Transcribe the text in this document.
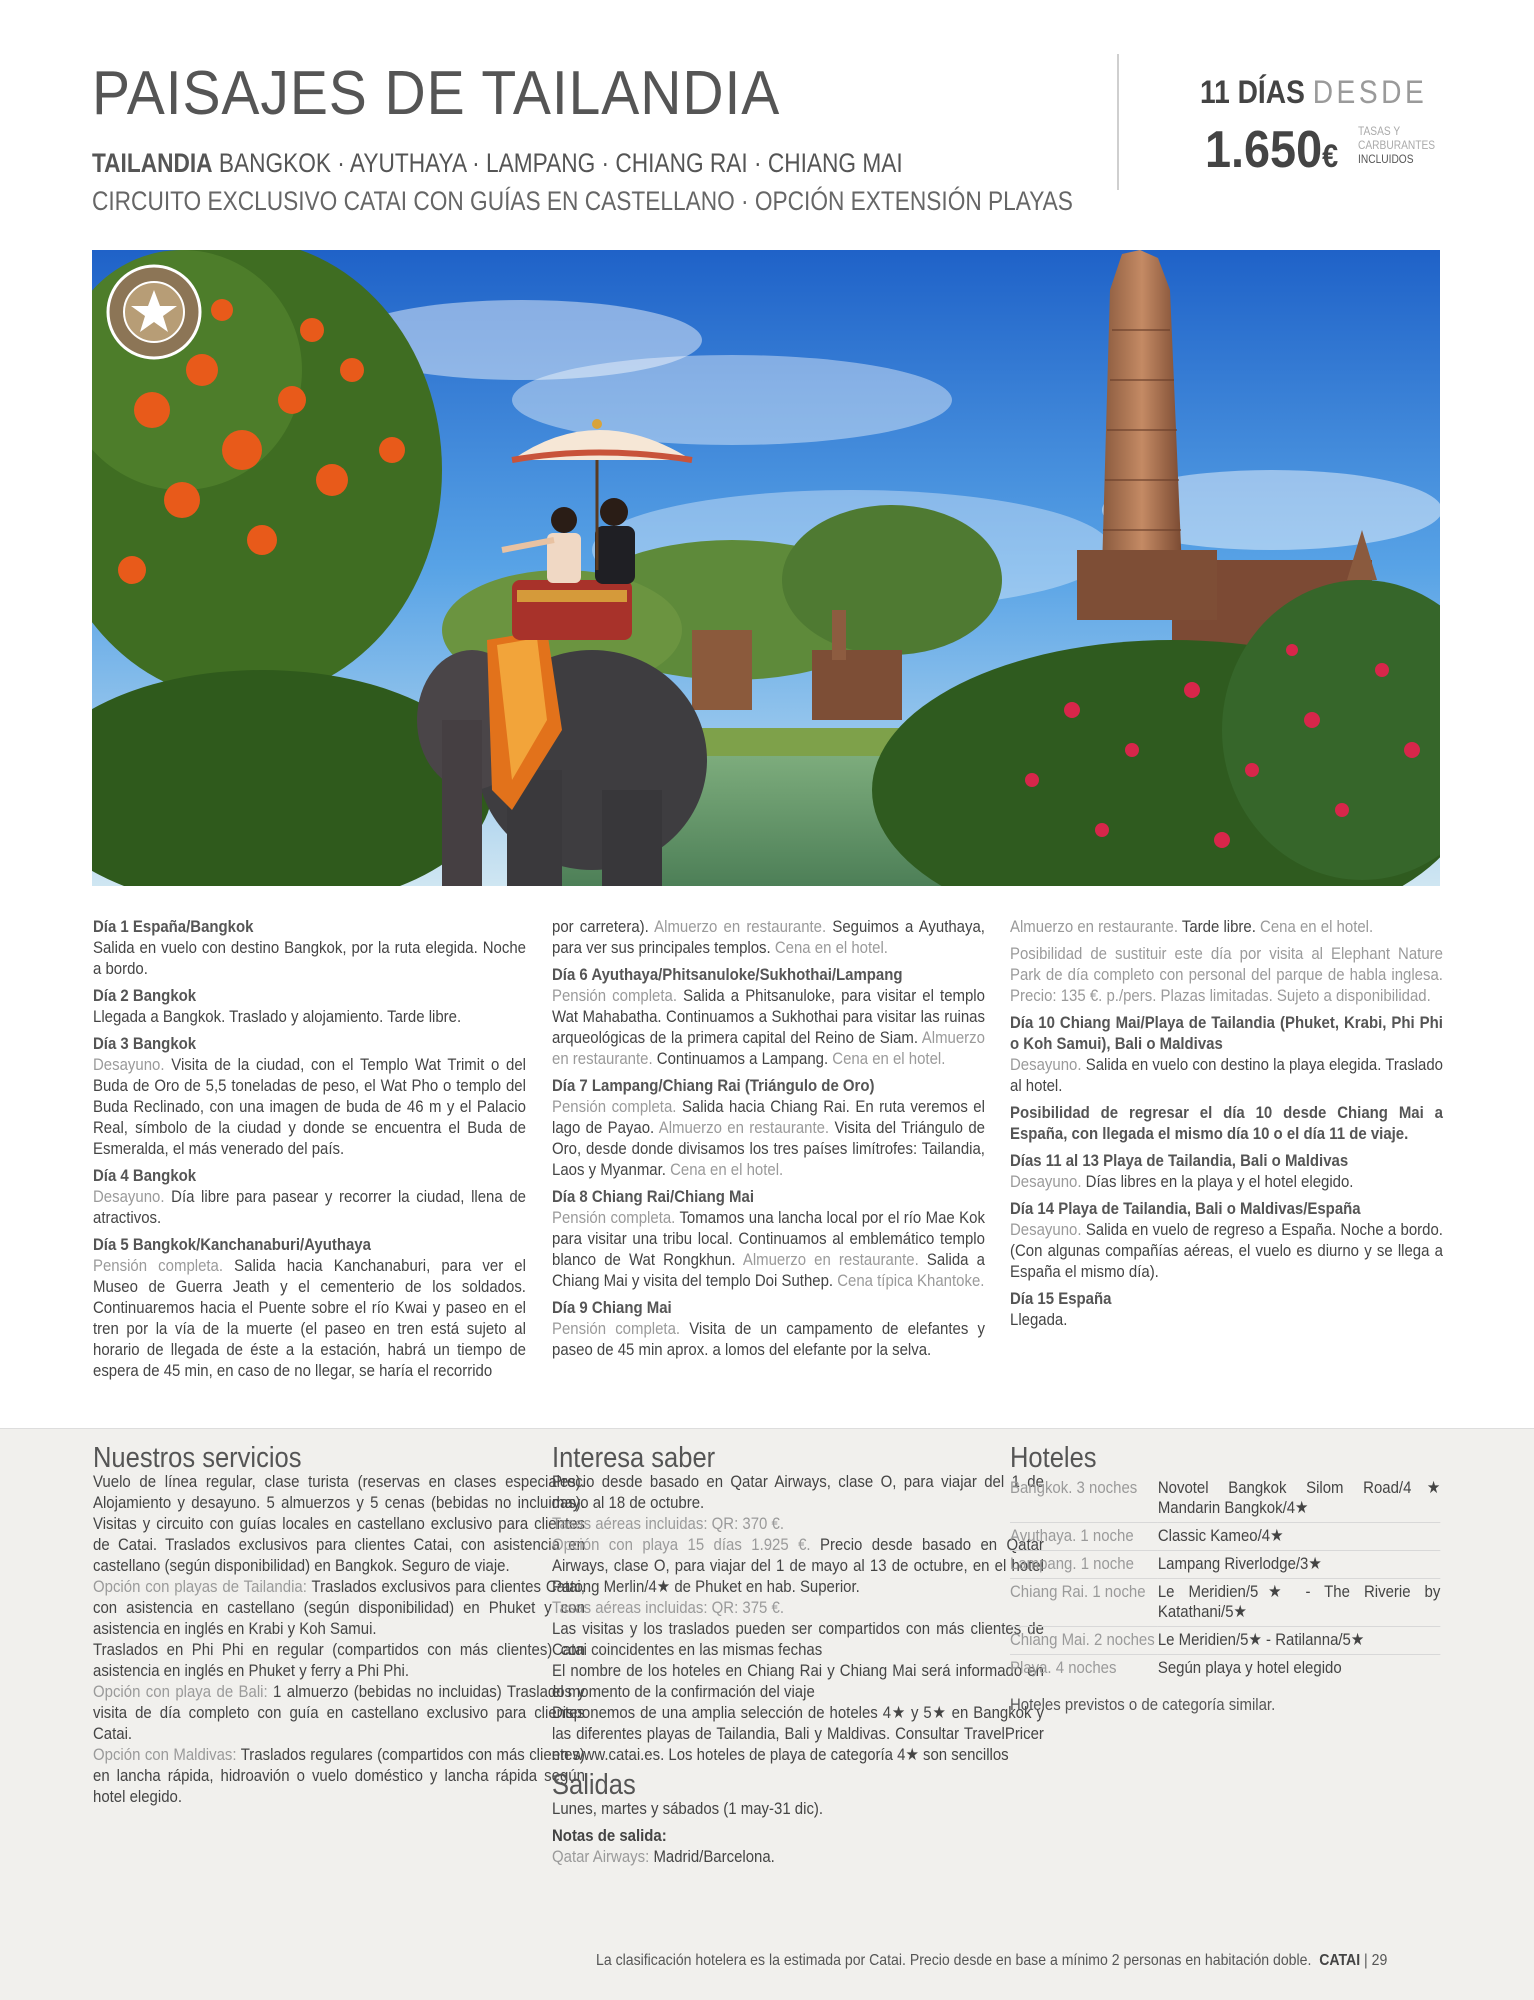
PAISAJES DE TAILANDIA
TAILANDIA BANGKOK · AYUTHAYA · LAMPANG · CHIANG RAI · CHIANG MAI
CIRCUITO EXCLUSIVO CATAI CON GUÍAS EN CASTELLANO · OPCIÓN EXTENSIÓN PLAYAS
11 DÍAS DESDE
1.650€
TASAS Y CARBURANTES
INCLUIDOS

Día 1 España/Bangkok
Salida en vuelo con destino Bangkok, por la ruta elegida. Noche a bordo.

Día 2 Bangkok
Llegada a Bangkok. Traslado y alojamiento. Tarde libre.

Día 3 Bangkok
Desayuno. Visita de la ciudad, con el Templo Wat Trimit o del Buda de Oro de 5,5 toneladas de peso, el Wat Pho o templo del Buda Reclinado, con una imagen de buda de 46 m y el Palacio Real, símbolo de la ciudad y donde se encuentra el Buda de Esmeralda, el más venerado del país.

Día 4 Bangkok
Desayuno. Día libre para pasear y recorrer la ciudad, llena de atractivos.

Día 5 Bangkok/Kanchanaburi/Ayuthaya
Pensión completa. Salida hacia Kanchanaburi, para ver el Museo de Guerra Jeath y el cementerio de los soldados. Continuaremos hacia el Puente sobre el río Kwai y paseo en el tren por la vía de la muerte (el paseo en tren está sujeto al horario de llegada de éste a la estación, habrá un tiempo de espera de 45 min, en caso de no llegar, se haría el recorrido

por carretera). Almuerzo en restaurante. Seguimos a Ayuthaya, para ver sus principales templos. Cena en el hotel.

Día 6 Ayuthaya/Phitsanuloke/Sukhothai/Lampang
Pensión completa. Salida a Phitsanuloke, para visitar el templo Wat Mahabatha. Continuamos a Sukhothai para visitar las ruinas arqueológicas de la primera capital del Reino de Siam. Almuerzo en restaurante. Continuamos a Lampang. Cena en el hotel.

Día 7 Lampang/Chiang Rai (Triángulo de Oro)
Pensión completa. Salida hacia Chiang Rai. En ruta veremos el lago de Payao. Almuerzo en restaurante. Visita del Triángulo de Oro, desde donde divisamos los tres países limítrofes: Tailandia, Laos y Myanmar. Cena en el hotel.

Día 8 Chiang Rai/Chiang Mai
Pensión completa. Tomamos una lancha local por el río Mae Kok para visitar una tribu local. Continuamos al emblemático templo blanco de Wat Rongkhun. Almuerzo en restaurante. Salida a Chiang Mai y visita del templo Doi Suthep. Cena típica Khantoke.

Día 9 Chiang Mai
Pensión completa. Visita de un campamento de elefantes y paseo de 45 min aprox. a lomos del elefante por la selva.

Almuerzo en restaurante. Tarde libre. Cena en el hotel.

Posibilidad de sustituir este día por visita al Elephant Nature Park de día completo con personal del parque de habla inglesa. Precio: 135 €. p./pers. Plazas limitadas. Sujeto a disponibilidad.

Día 10 Chiang Mai/Playa de Tailandia (Phuket, Krabi, Phi Phi o Koh Samui), Bali o Maldivas
Desayuno. Salida en vuelo con destino la playa elegida. Traslado al hotel.

Posibilidad de regresar el día 10 desde Chiang Mai a España, con llegada el mismo día 10 o el día 11 de viaje.

Días 11 al 13 Playa de Tailandia, Bali o Maldivas
Desayuno. Días libres en la playa y el hotel elegido.

Día 14 Playa de Tailandia, Bali o Maldivas/España
Desayuno. Salida en vuelo de regreso a España. Noche a bordo. (Con algunas compañías aéreas, el vuelo es diurno y se llega a España el mismo día).

Día 15 España
Llegada.

Nuestros servicios
Vuelo de línea regular, clase turista (reservas en clases especiales). Alojamiento y desayuno. 5 almuerzos y 5 cenas (bebidas no incluidas). Visitas y circuito con guías locales en castellano exclusivo para clientes de Catai. Traslados exclusivos para clientes Catai, con asistencia en castellano (según disponibilidad) en Bangkok. Seguro de viaje.
Opción con playas de Tailandia: Traslados exclusivos para clientes Catai, con asistencia en castellano (según disponibilidad) en Phuket y con asistencia en inglés en Krabi y Koh Samui.
Traslados en Phi Phi en regular (compartidos con más clientes) con asistencia en inglés en Phuket y ferry a Phi Phi.
Opción con playa de Bali: 1 almuerzo (bebidas no incluidas) Traslados y visita de día completo con guía en castellano exclusivo para clientes Catai.
Opción con Maldivas: Traslados regulares (compartidos con más clientes) en lancha rápida, hidroavión o vuelo doméstico y lancha rápida según hotel elegido.
Interesa saber
Precio desde basado en Qatar Airways, clase O, para viajar del 1 de mayo al 18 de octubre.
Tasas aéreas incluidas: QR: 370 €.
Opción con playa 15 días 1.925 €. Precio desde basado en Qatar Airways, clase O, para viajar del 1 de mayo al 13 de octubre, en el hotel Patong Merlin/4★ de Phuket en hab. Superior.
Tasas aéreas incluidas: QR: 375 €.
Las visitas y los traslados pueden ser compartidos con más clientes de Catai coincidentes en las mismas fechas
El nombre de los hoteles en Chiang Rai y Chiang Mai será informado en el momento de la confirmación del viaje
Disponemos de una amplia selección de hoteles 4★ y 5★ en Bangkok y las diferentes playas de Tailandia, Bali y Maldivas. Consultar TravelPricer en www.catai.es. Los hoteles de playa de categoría 4★ son sencillos
Salidas
Lunes, martes y sábados (1 may-31 dic).
Notas de salida:
Qatar Airways: Madrid/Barcelona.
Hoteles
Bangkok. 3 noches	Novotel Bangkok Silom Road/4★ Mandarin Bangkok/4★
Ayuthaya. 1 noche	Classic Kameo/4★
Lampang. 1 noche	Lampang Riverlodge/3★
Chiang Rai. 1 noche	Le Meridien/5★ - The Riverie by Katathani/5★
Chiang Mai. 2 noches	Le Meridien/5★ - Ratilanna/5★
Playa. 4 noches	Según playa y hotel elegido
Hoteles previstos o de categoría similar.
La clasificación hotelera es la estimada por Catai. Precio desde en base a mínimo 2 personas en habitación doble. CATAI | 29
